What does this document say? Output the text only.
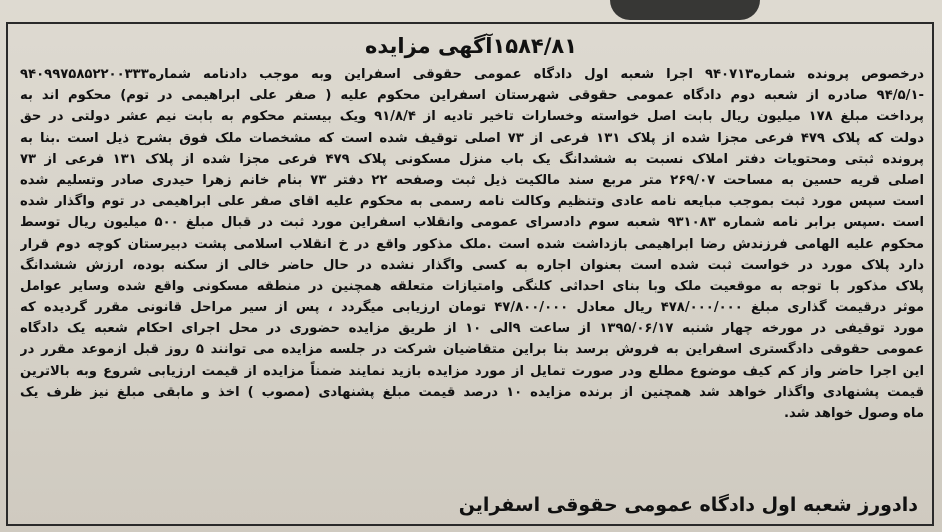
۱۵۸۴/۸۱آگهی مزایده

درخصوص پرونده شماره۹۴۰۷۱۳ اجرا شعبه اول دادگاه عمومی حقوقی اسفراین وبه موجب دادنامه شماره۹۴۰۹۹۷۵۸۵۲۲۰۰۳۳۳

-۹۴/۵/۱ صادره از شعبه دوم دادگاه عمومی حقوقی شهرستان اسفراین محکوم علیه ( صفر علی ابراهیمی در توم) محکوم اند به

پرداخت مبلغ ۱۷۸ میلیون ریال بابت اصل خواسته وخسارات تاخیر تادیه از ۹۱/۸/۴ ویک بیستم محکوم به بابت نیم عشر دولتی در حق

دولت که پلاک ۴۷۹ فرعی مجزا شده از پلاک ۱۳۱ فرعی از ۷۳ اصلی توقیف شده است که مشخصات ملک فوق بشرح ذیل است .بنا به

پرونده ثبتی ومحتویات دفتر املاک نسبت به ششدانگ یک باب منزل مسکونی پلاک ۴۷۹ فرعی مجزا شده از پلاک ۱۳۱ فرعی از ۷۳

اصلی قریه حسین به مساحت ۲۶۹/۰۷ متر مربع سند مالکیت ذیل ثبت وصفحه ۲۲ دفتر ۷۳ بنام خانم زهرا حیدری صادر وتسلیم شده

است سپس مورد ثبت بموجب مبایعه نامه عادی وتنظیم وکالت نامه رسمی به محکوم علیه اقای صفر علی ابراهیمی در توم واگذار شده

است .سپس برابر نامه شماره ۹۳۱۰۸۳ شعبه سوم دادسرای عمومی وانقلاب اسفراین مورد ثبت در قبال مبلغ ۵۰۰ میلیون ریال توسط

محکوم علیه الهامی فرزندش رضا ابراهیمی بازداشت شده است .ملک مذکور واقع در خ انقلاب اسلامی پشت دبیرستان کوچه دوم قرار

دارد پلاک مورد در خواست ثبت شده است بعنوان اجاره به کسی واگذار نشده در حال حاضر خالی از سکنه بوده، ارزش ششدانگ

پلاک مذکور با توجه به موقعیت ملک وبا بنای احداثی کلنگی وامتیازات متعلقه همچنین در منطقه مسکونی واقع شده وسایر عوامل

موثر درقیمت گذاری مبلغ ۴۷۸/۰۰۰/۰۰۰ ریال معادل ۴۷/۸۰۰/۰۰۰ تومان ارزیابی میگردد ، پس از سیر مراحل قانونی مقرر گردیده که

مورد توقیفی در مورخه چهار شنبه ۱۳۹۵/۰۶/۱۷ از ساعت ۹الی ۱۰ از طریق مزایده حضوری در محل اجرای احکام شعبه یک دادگاه

عمومی حقوقی دادگستری اسفراین به فروش برسد بنا براین متقاضیان شرکت در جلسه مزایده می توانند ۵ روز قبل ازموعد مقرر در

این اجرا حاضر واز کم کیف موضوع مطلع ودر صورت تمایل از مورد مزایده بازید نمایند ضمناً مزایده از قیمت ارزیابی شروع وبه بالاترین

قیمت پشنهادی واگذار خواهد شد همچنین از برنده مزایده ۱۰ درصد قیمت مبلغ پشنهادی (مصوب ) اخذ و مابقی مبلغ نیز ظرف یک

ماه وصول خواهد شد.

دادورز شعبه اول دادگاه عمومی حقوقی اسفراین
